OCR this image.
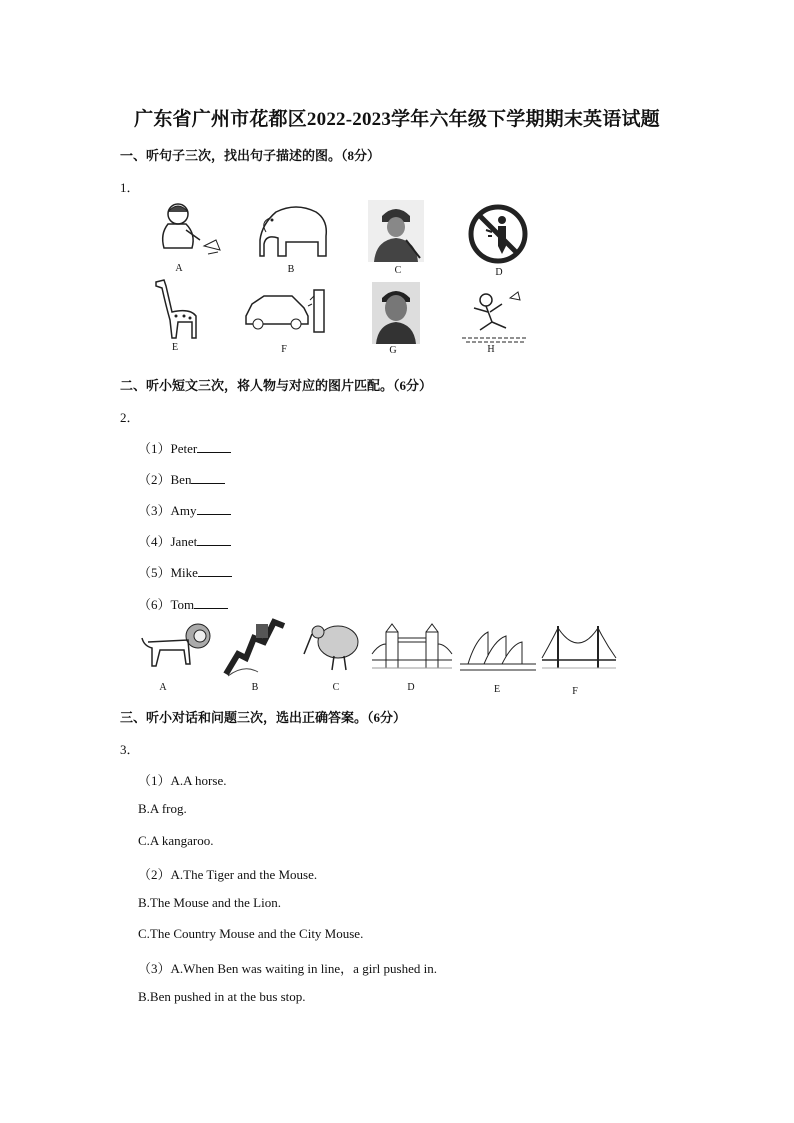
广东省广州市花都区2022-2023学年六年级下学期期末英语试题
一、听句子三次，找出句子描述的图。（8分）
1．
A	B	C	D
E	F	G	H
二、听小短文三次，将人物与对应的图片匹配。（6分）
2．
（1）Peter
（2）Ben
（3）Amy
（4）Janet
（5）Mike
（6）Tom
A	B	C	D	E	F
三、听小对话和问题三次，选出正确答案。（6分）
3．
（1）A.A horse.
B.A frog.
C.A kangaroo.
（2）A.The Tiger and the Mouse.
B.The Mouse and the Lion.
C.The Country Mouse and the City Mouse.
（3）A.When Ben was waiting in line，a girl pushed in.
B.Ben pushed in at the bus stop.
